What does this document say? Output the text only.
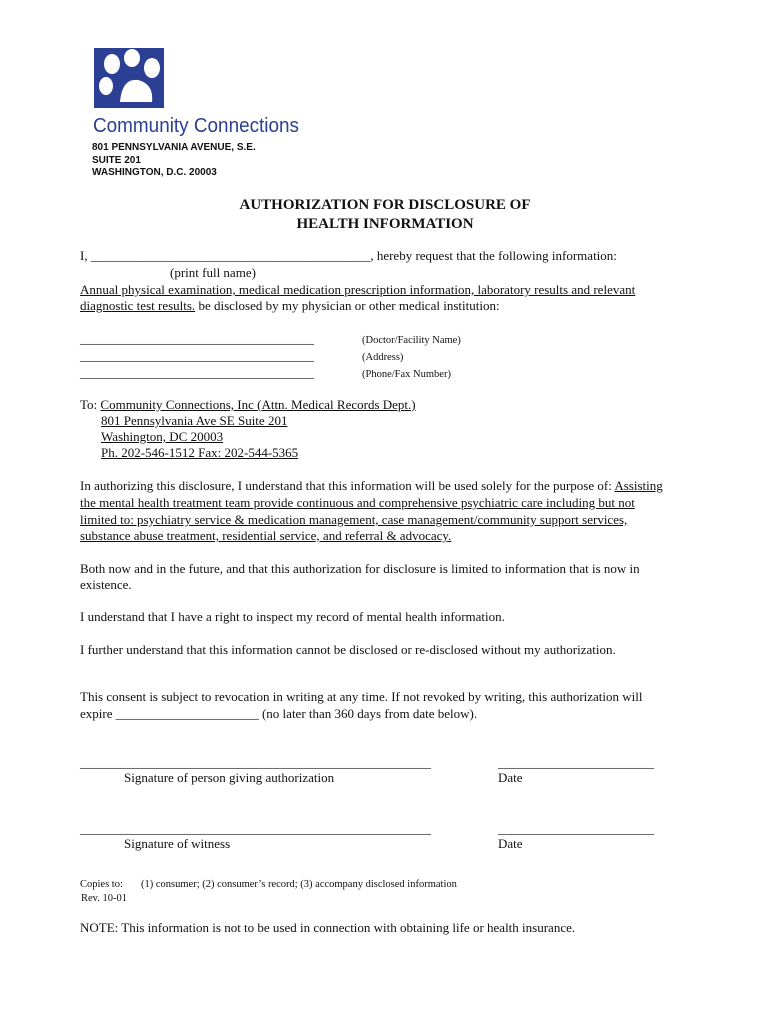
Community Connections
801 PENNSYLVANIA AVENUE, S.E.
SUITE 201
WASHINGTON, D.C. 20003
AUTHORIZATION FOR DISCLOSURE OF
HEALTH INFORMATION
I, ___________________________________________, hereby request that the following information:
(print full name)
Annual physical examination, medical medication prescription information, laboratory results and relevant
diagnostic test results. be disclosed by my physician or other medical institution:
____________________________________	(Doctor/Facility Name)
____________________________________	(Address)
____________________________________	(Phone/Fax Number)
To: Community Connections, Inc (Attn. Medical Records Dept.)
801 Pennsylvania Ave SE Suite 201
Washington, DC 20003
Ph. 202-546-1512 Fax: 202-544-5365
In authorizing this disclosure, I understand that this information will be used solely for the purpose of: Assisting
the mental health treatment team provide continuous and comprehensive psychiatric care including but not
limited to: psychiatry service & medication management, case management/community support services,
substance abuse treatment, residential service, and referral & advocacy.
Both now and in the future, and that this authorization for disclosure is limited to information that is now in
existence.
I understand that I have a right to inspect my record of mental health information.
I further understand that this information cannot be disclosed or re-disclosed without my authorization.
This consent is subject to revocation in writing at any time. If not revoked by writing, this authorization will
expire ______________________ (no later than 360 days from date below).
______________________________________________________	________________________
Signature of person giving authorization	Date
______________________________________________________	________________________
Signature of witness	Date
Copies to: (1) consumer; (2) consumer’s record; (3) accompany disclosed information
Rev. 10-01
NOTE: This information is not to be used in connection with obtaining life or health insurance.
